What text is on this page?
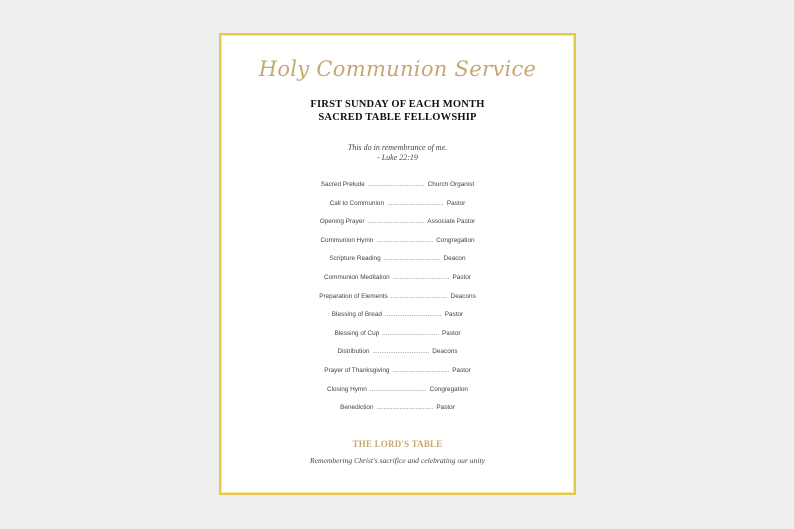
Holy Communion Service
FIRST SUNDAY OF EACH MONTH
SACRED TABLE FELLOWSHIP
This do in remembrance of me.
- Luke 22:19
Sacred Prelude ................................ Church Organist
Call to Communion ................................ Pastor
Opening Prayer ................................ Associate Pastor
Communion Hymn ................................ Congregation
Scripture Reading ................................ Deacon
Communion Meditation ................................ Pastor
Preparation of Elements ................................ Deacons
Blessing of Bread ................................ Pastor
Blessing of Cup ................................ Pastor
Distribution ................................ Deacons
Prayer of Thanksgiving ................................ Pastor
Closing Hymn ................................ Congregation
Benediction ................................ Pastor
THE LORD'S TABLE
Remembering Christ's sacrifice and celebrating our unity
